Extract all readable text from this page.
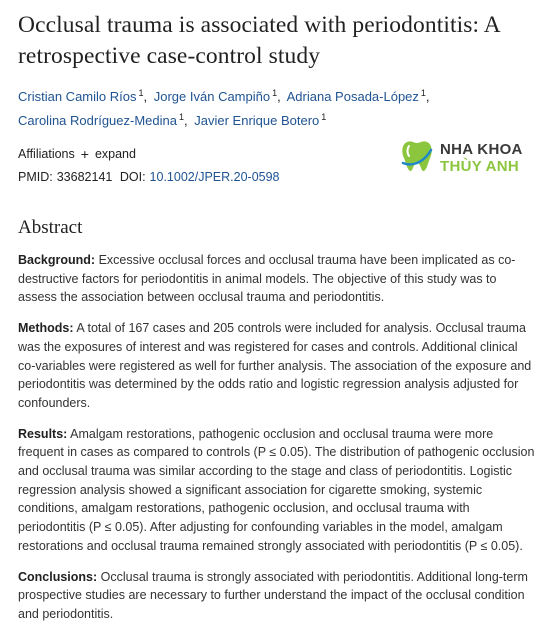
Occlusal trauma is associated with periodontitis: A retrospective case-control study
Cristian Camilo Ríos $^1$, Jorge Iván Campiño $^1$, Adriana Posada-López $^1$, Carolina Rodríguez-Medina $^1$, Javier Enrique Botero $^1$
Affiliations + expand
PMID: 33682141 DOI: 10.1002/JPER.20-0598
Abstract

Background: Excessive occlusal forces and occlusal trauma have been implicated as co-destructive factors for periodontitis in animal models. The objective of this study was to assess the association between occlusal trauma and periodontitis.

Methods: A total of 167 cases and 205 controls were included for analysis. Occlusal trauma was the exposures of interest and was registered for cases and controls. Additional clinical co-variables were registered as well for further analysis. The association of the exposure and periodontitis was determined by the odds ratio and logistic regression analysis adjusted for confounders.

Results: Amalgam restorations, pathogenic occlusion and occlusal trauma were more frequent in cases as compared to controls (P ≤ 0.05). The distribution of pathogenic occlusion and occlusal trauma was similar according to the stage and class of periodontitis. Logistic regression analysis showed a significant association for cigarette smoking, systemic conditions, amalgam restorations, pathogenic occlusion, and occlusal trauma with periodontitis (P ≤ 0.05). After adjusting for confounding variables in the model, amalgam restorations and occlusal trauma remained strongly associated with periodontitis (P ≤ 0.05).

Conclusions: Occlusal trauma is strongly associated with periodontitis. Additional long-term prospective studies are necessary to further understand the impact of the occlusal condition and periodontitis.

NHA KHOA
THÙY ANH
